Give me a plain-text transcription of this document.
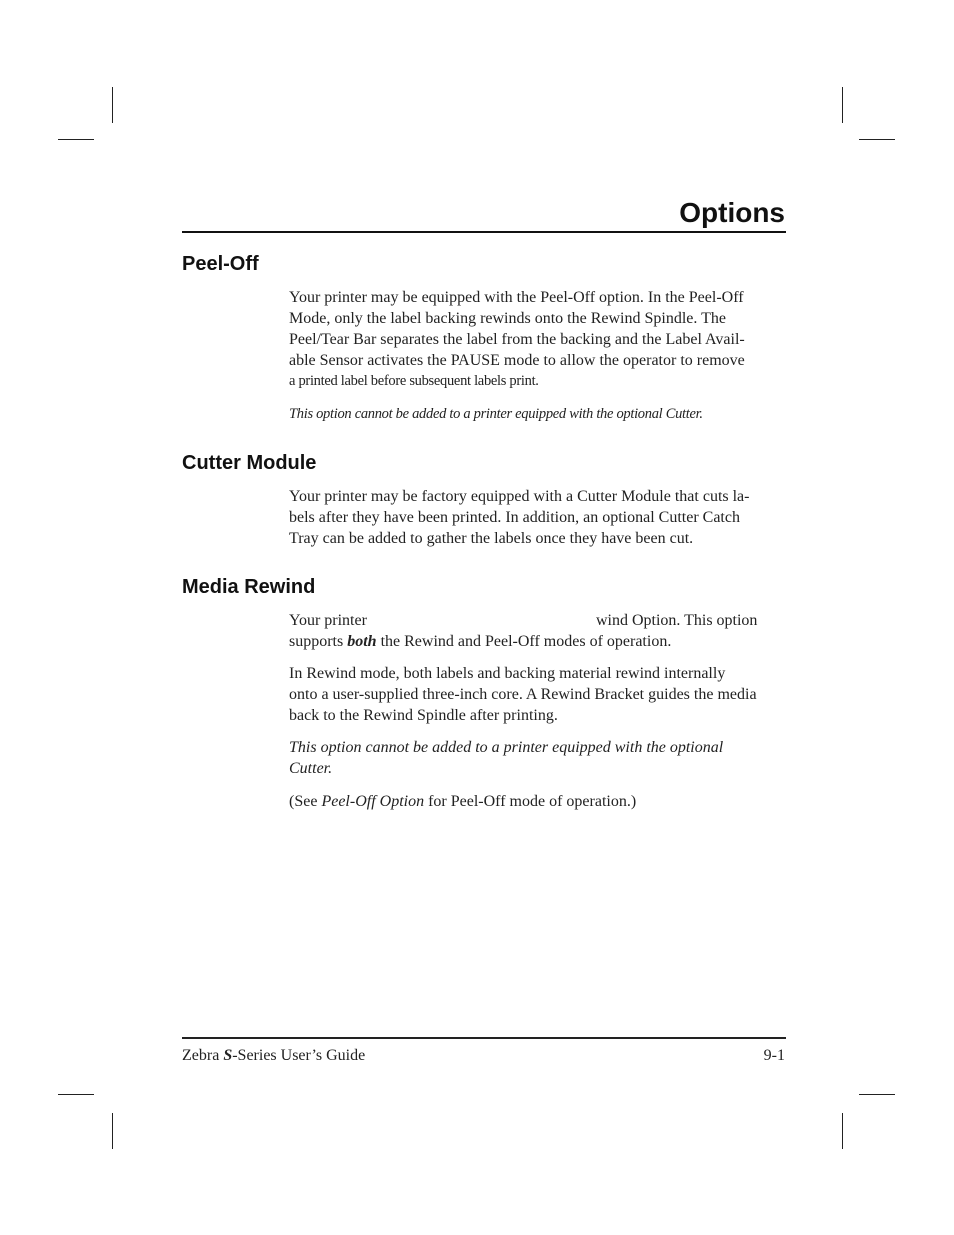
Options
Peel-Off

Your printer may be equipped with the Peel-Off option. In the Peel-Off
Mode, only the label backing rewinds onto the Rewind Spindle. The
Peel/Tear Bar separates the label from the backing and the Label Avail-
able Sensor activates the PAUSE mode to allow the operator to remove
a printed label before subsequent labels print.

This option cannot be added to a printer equipped with the optional Cutter.

Cutter Module

Your printer may be factory equipped with a Cutter Module that cuts la-
bels after they have been printed. In addition, an optional Cutter Catch
Tray can be added to gather the labels once they have been cut.

Media Rewind

Your printer	wind Option. This option
supports both the Rewind and Peel-Off modes of operation.

In Rewind mode, both labels and backing material rewind internally
onto a user-supplied three-inch core. A Rewind Bracket guides the media
back to the Rewind Spindle after printing.

This option cannot be added to a printer equipped with the optional
Cutter.

(See Peel-Off Option for Peel-Off mode of operation.)

Zebra S-Series User’s Guide	9-1
